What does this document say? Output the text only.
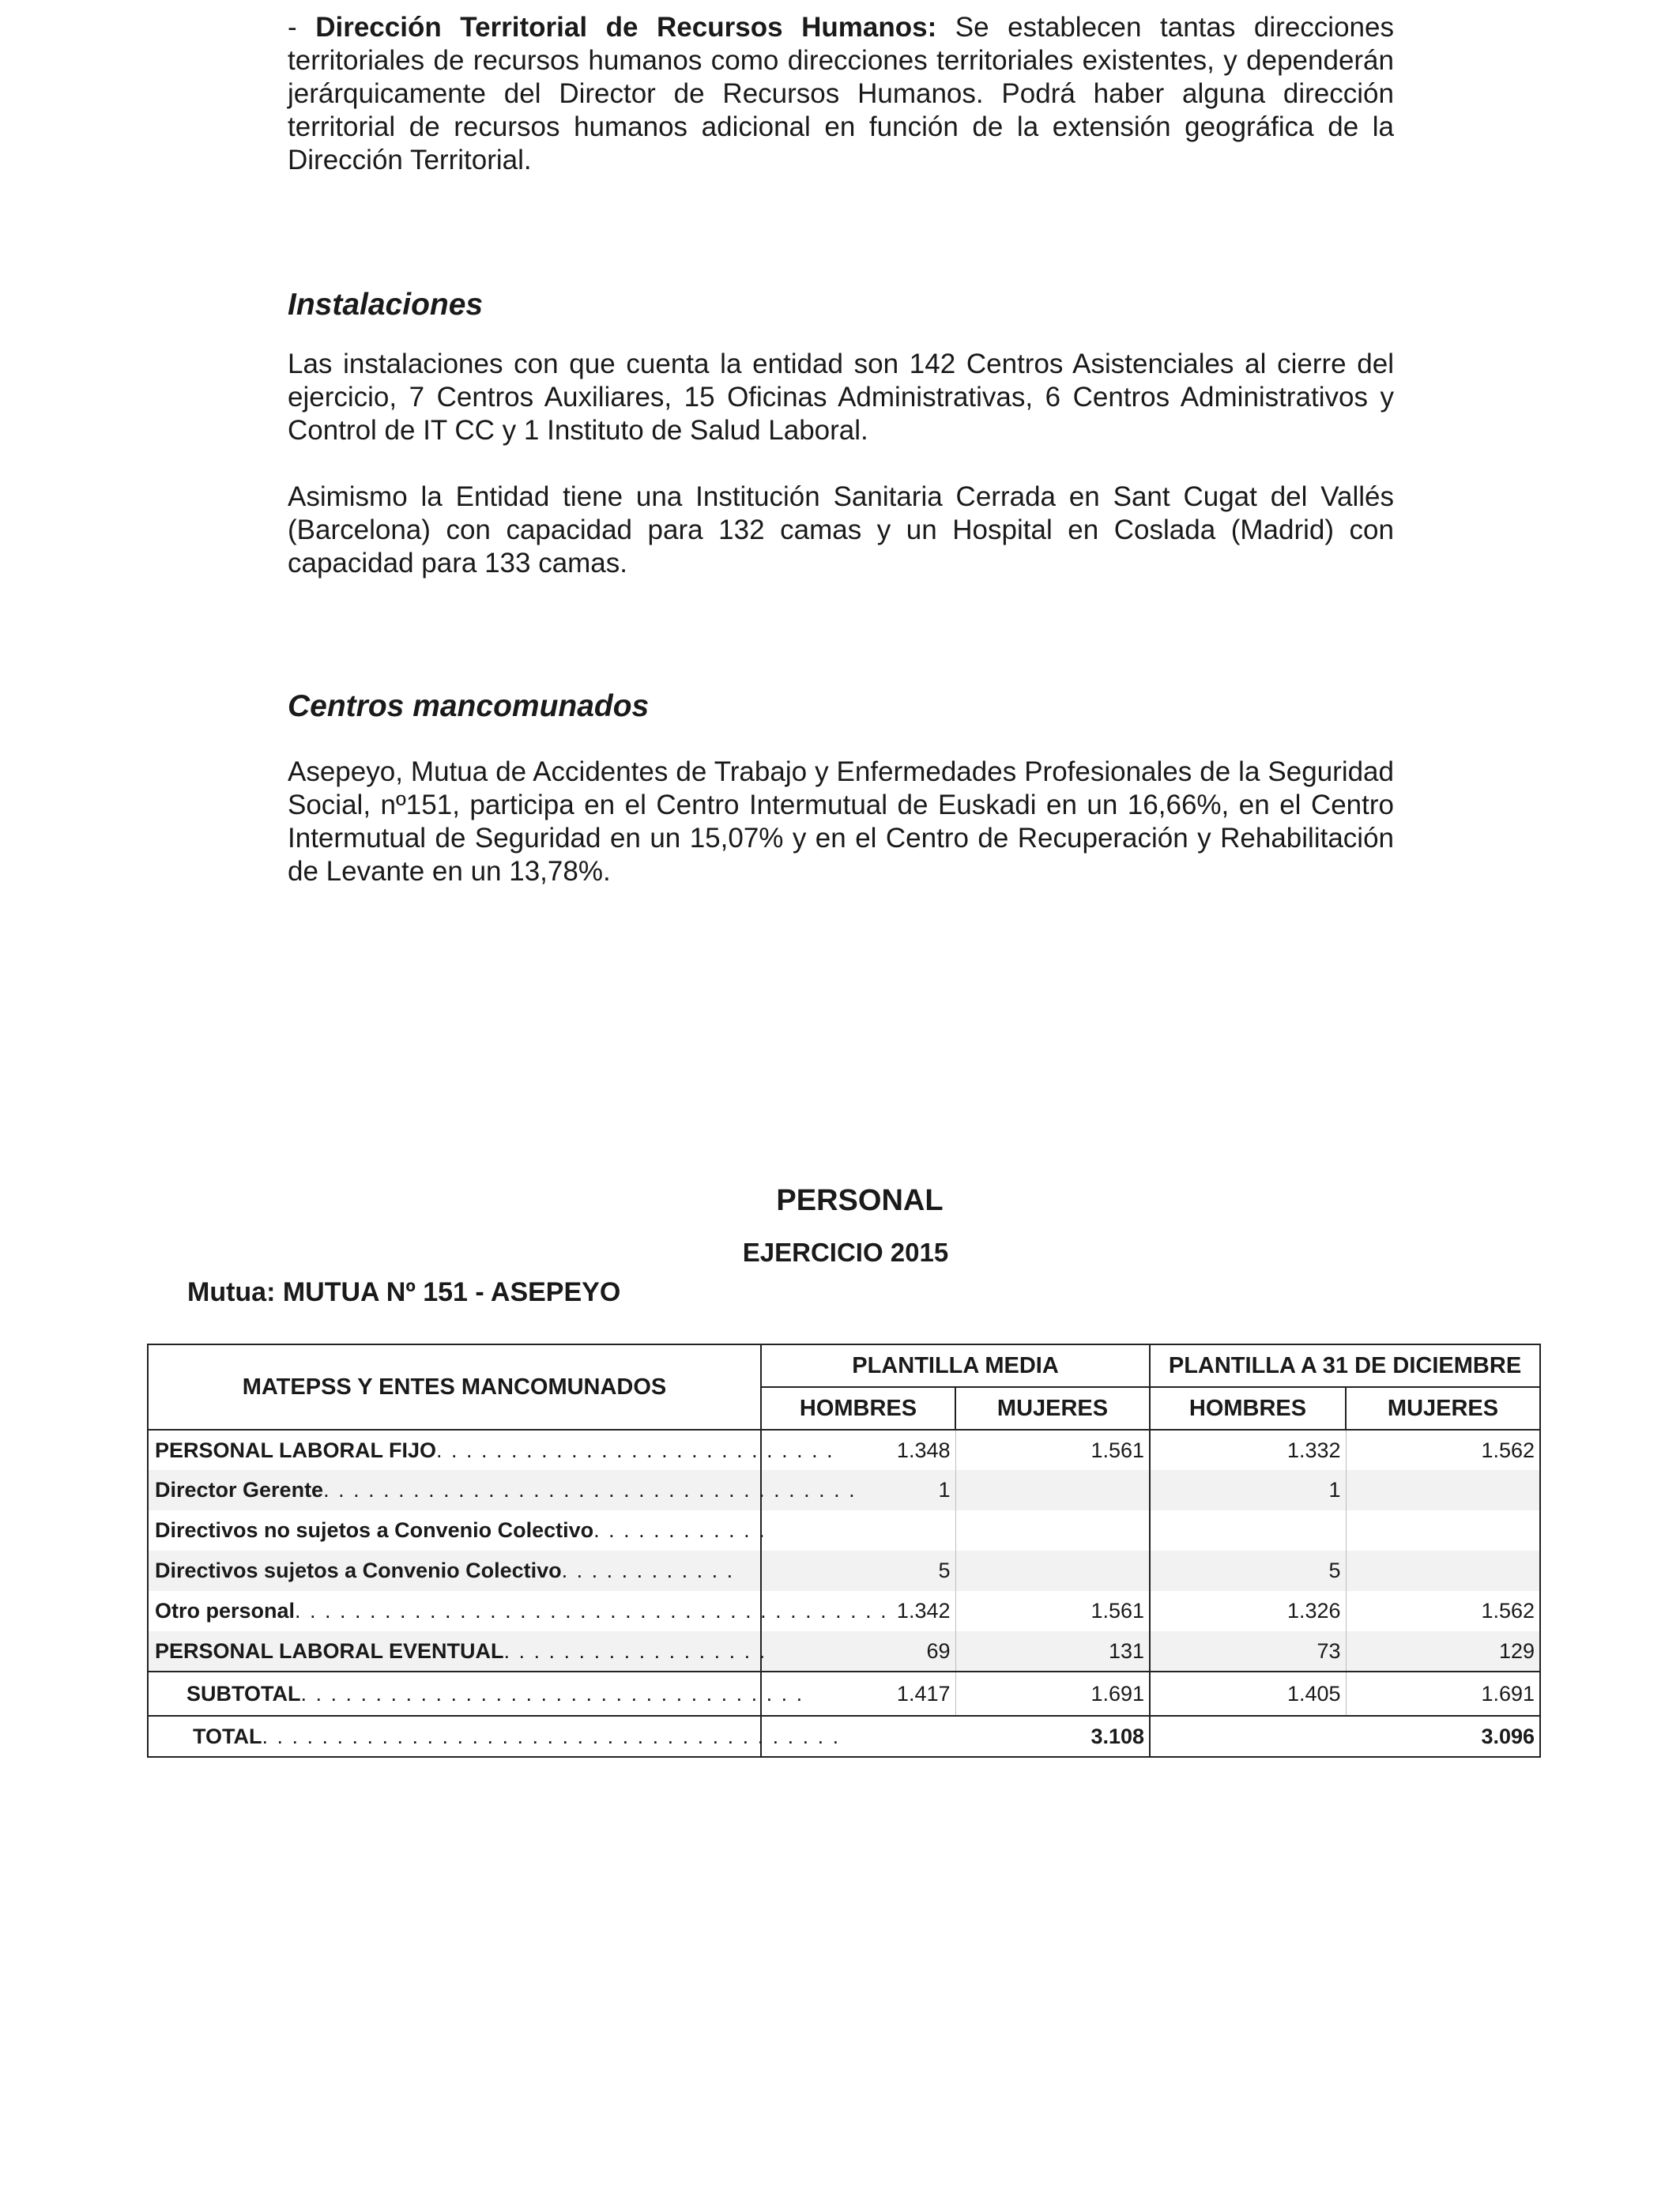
- Dirección Territorial de Recursos Humanos: Se establecen tantas direcciones territoriales de recursos humanos como direcciones territoriales existentes, y dependerán jerárquicamente del Director de Recursos Humanos. Podrá haber alguna dirección territorial de recursos humanos adicional en función de la extensión geográfica de la Dirección Territorial.

Instalaciones

Las instalaciones con que cuenta la entidad son 142 Centros Asistenciales al cierre del ejercicio, 7 Centros Auxiliares, 15 Oficinas Administrativas, 6 Centros Administrativos y Control de IT CC y 1 Instituto de Salud Laboral.

Asimismo la Entidad tiene una Institución Sanitaria Cerrada en Sant Cugat del Vallés (Barcelona) con capacidad para 132 camas y un Hospital en Coslada (Madrid) con capacidad para 133 camas.

Centros mancomunados

Asepeyo, Mutua de Accidentes de Trabajo y Enfermedades Profesionales de la Seguridad Social, nº151, participa en el Centro Intermutual de Euskadi en un 16,66%, en el Centro Intermutual de Seguridad en un 15,07% y en el Centro de Recuperación y Rehabilitación de Levante en un 13,78%.

PERSONAL
EJERCICIO 2015
Mutua: MUTUA Nº 151 - ASEPEYO
MATEPSS Y ENTES MANCOMUNADOS	PLANTILLA MEDIA		PLANTILLA A 31 DE DICIEMBRE	
	HOMBRES	MUJERES	HOMBRES	MUJERES
PERSONAL LABORAL FIJO. . . . . . . . . . . . . . . . . . . . . . . . . . .	1.348	1.561	1.332	1.562
Director Gerente. . . . . . . . . . . . . . . . . . . . . . . . . . . . . . . . . . . .	1		1	
Directivos no sujetos a Convenio Colectivo. . . . . . . . . . . .				
Directivos sujetos a Convenio Colectivo. . . . . . . . . . . .	5		5	
Otro personal. . . . . . . . . . . . . . . . . . . . . . . . . . . . . . . . . . . . . . . .	1.342	1.561	1.326	1.562
PERSONAL LABORAL EVENTUAL. . . . . . . . . . . . . . . . . .	69	131	73	129
SUBTOTAL. . . . . . . . . . . . . . . . . . . . . . . . . . . . . . . . . .	1.417	1.691	1.405	1.691
TOTAL. . . . . . . . . . . . . . . . . . . . . . . . . . . . . . . . . . . . . . .	3.108		3.096	
